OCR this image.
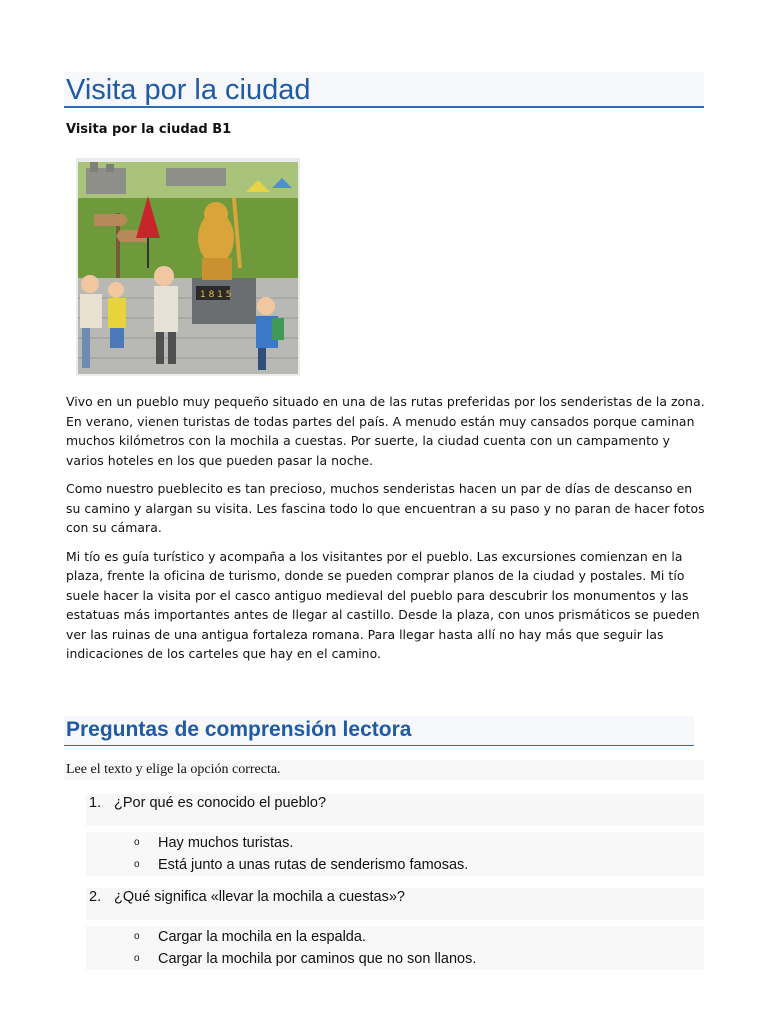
Visita por la ciudad
Visita por la ciudad B1
1 8 1 5

Vivo en un pueblo muy pequeño situado en una de las rutas preferidas por los senderistas de la zona. En verano, vienen turistas de todas partes del país. A menudo están muy cansados porque caminan muchos kilómetros con la mochila a cuestas. Por suerte, la ciudad cuenta con un campamento y varios hoteles en los que pueden pasar la noche.

Como nuestro pueblecito es tan precioso, muchos senderistas hacen un par de días de descanso en su camino y alargan su visita. Les fascina todo lo que encuentran a su paso y no paran de hacer fotos con su cámara.

Mi tío es guía turístico y acompaña a los visitantes por el pueblo. Las excursiones comienzan en la plaza, frente la oficina de turismo, donde se pueden comprar planos de la ciudad y postales. Mi tío suele hacer la visita por el casco antiguo medieval del pueblo para descubrir los monumentos y las estatuas más importantes antes de llegar al castillo. Desde la plaza, con unos prismáticos se pueden ver las ruinas de una antigua fortaleza romana. Para llegar hasta allí no hay más que seguir las indicaciones de los carteles que hay en el camino.

Preguntas de comprensión lectora
Lee el texto y elige la opción correcta.
1. ¿Por qué es conocido el pueblo?
o Hay muchos turistas.
o Está junto a unas rutas de senderismo famosas.
2. ¿Qué significa «llevar la mochila a cuestas»?
o Cargar la mochila en la espalda.
o Cargar la mochila por caminos que no son llanos.
